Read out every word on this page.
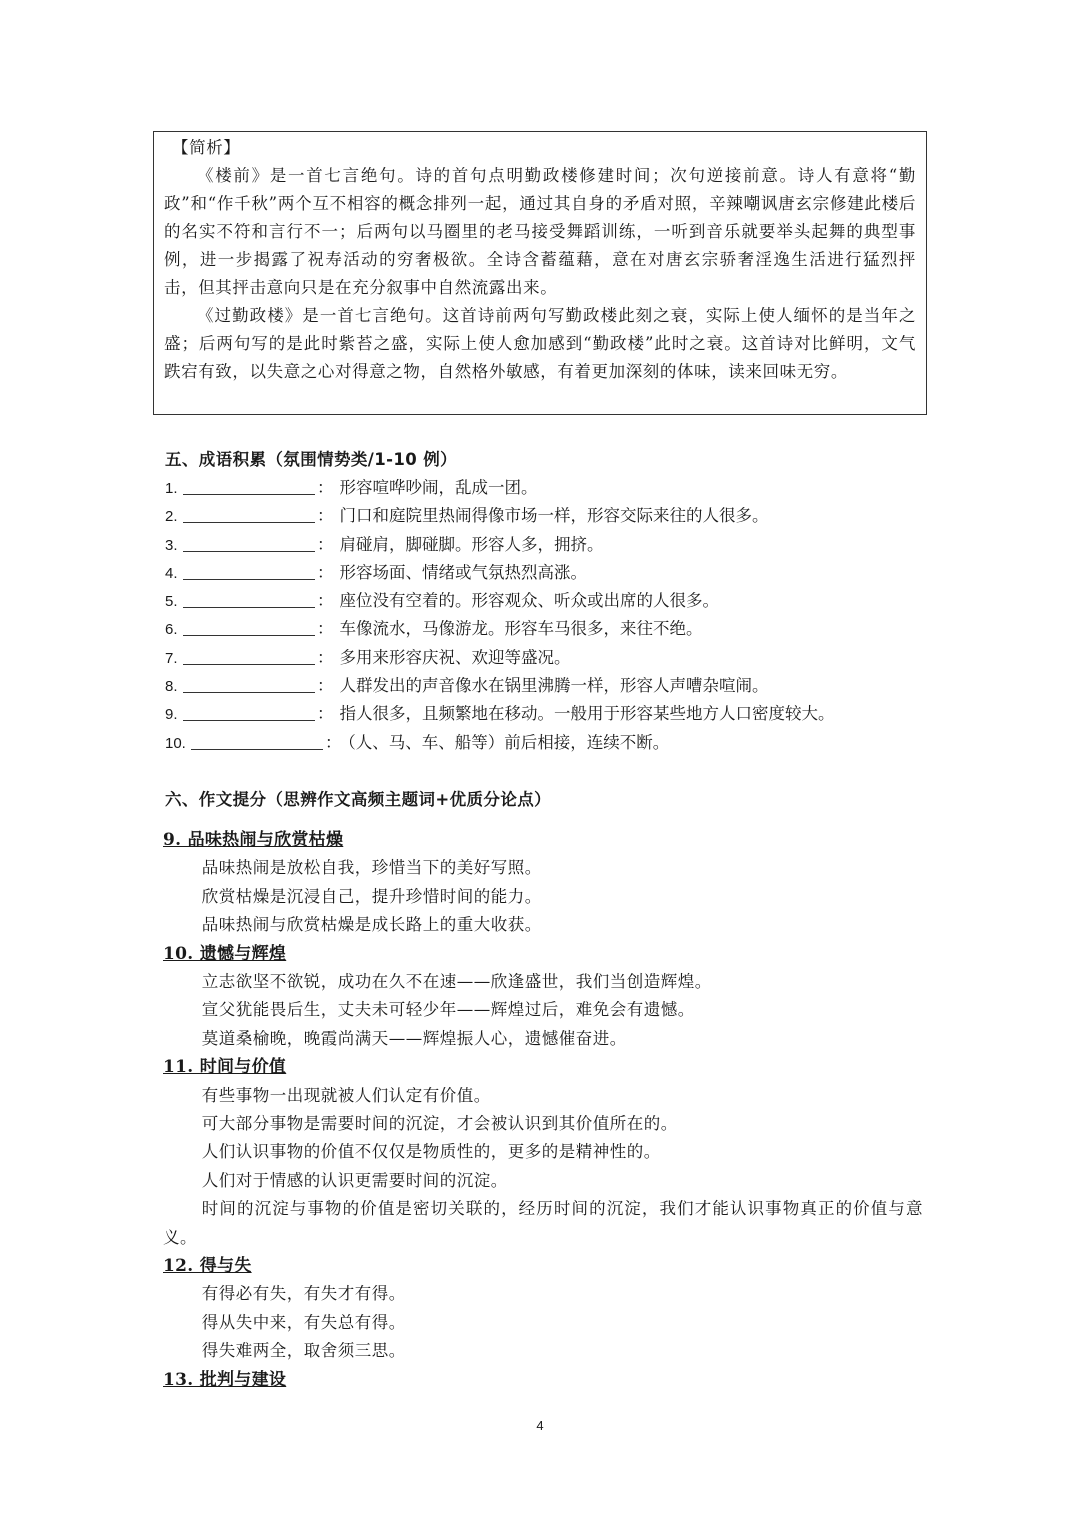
【简析】

《楼前》是一首七言绝句。诗的首句点明勤政楼修建时间；次句逆接前意。诗人有意将“勤政”和“作千秋”两个互不相容的概念排列一起，通过其自身的矛盾对照，辛辣嘲讽唐玄宗修建此楼后的名实不符和言行不一；后两句以马圈里的老马接受舞蹈训练，一听到音乐就要举头起舞的典型事例，进一步揭露了祝寿活动的穷奢极欲。全诗含蓄蕴藉，意在对唐玄宗骄奢淫逸生活进行猛烈抨击，但其抨击意向只是在充分叙事中自然流露出来。

《过勤政楼》是一首七言绝句。这首诗前两句写勤政楼此刻之衰，实际上使人缅怀的是当年之盛；后两句写的是此时紫苔之盛，实际上使人愈加感到“勤政楼”此时之衰。这首诗对比鲜明，文气跌宕有致，以失意之心对得意之物，自然格外敏感，有着更加深刻的体味，读来回味无穷。

五、成语积累（氛围情势类/1-10 例）
1.	： 形容喧哗吵闹，乱成一团。
2.	： 门口和庭院里热闹得像市场一样，形容交际来往的人很多。
3.	： 肩碰肩，脚碰脚。形容人多，拥挤。
4.	： 形容场面、情绪或气氛热烈高涨。
5.	： 座位没有空着的。形容观众、听众或出席的人很多。
6.	： 车像流水，马像游龙。形容车马很多，来往不绝。
7.	： 多用来形容庆祝、欢迎等盛况。
8.	： 人群发出的声音像水在锅里沸腾一样，形容人声嘈杂喧闹。
9.	： 指人很多，且频繁地在移动。一般用于形容某些地方人口密度较大。
10.	： （人、马、车、船等）前后相接，连续不断。
六、作文提分（思辨作文高频主题词+优质分论点）
9. 品味热闹与欣赏枯燥

品味热闹是放松自我，珍惜当下的美好写照。

欣赏枯燥是沉浸自己，提升珍惜时间的能力。

品味热闹与欣赏枯燥是成长路上的重大收获。

10. 遗憾与辉煌

立志欲坚不欲锐，成功在久不在速——欣逢盛世，我们当创造辉煌。

宣父犹能畏后生，丈夫未可轻少年——辉煌过后，难免会有遗憾。

莫道桑榆晚，晚霞尚满天——辉煌振人心，遗憾催奋进。

11. 时间与价值

有些事物一出现就被人们认定有价值。

可大部分事物是需要时间的沉淀，才会被认识到其价值所在的。

人们认识事物的价值不仅仅是物质性的，更多的是精神性的。

人们对于情感的认识更需要时间的沉淀。

时间的沉淀与事物的价值是密切关联的，经历时间的沉淀，我们才能认识事物真正的价值与意义。

12. 得与失

有得必有失，有失才有得。

得从失中来，有失总有得。

得失难两全，取舍须三思。

13. 批判与建设
4
